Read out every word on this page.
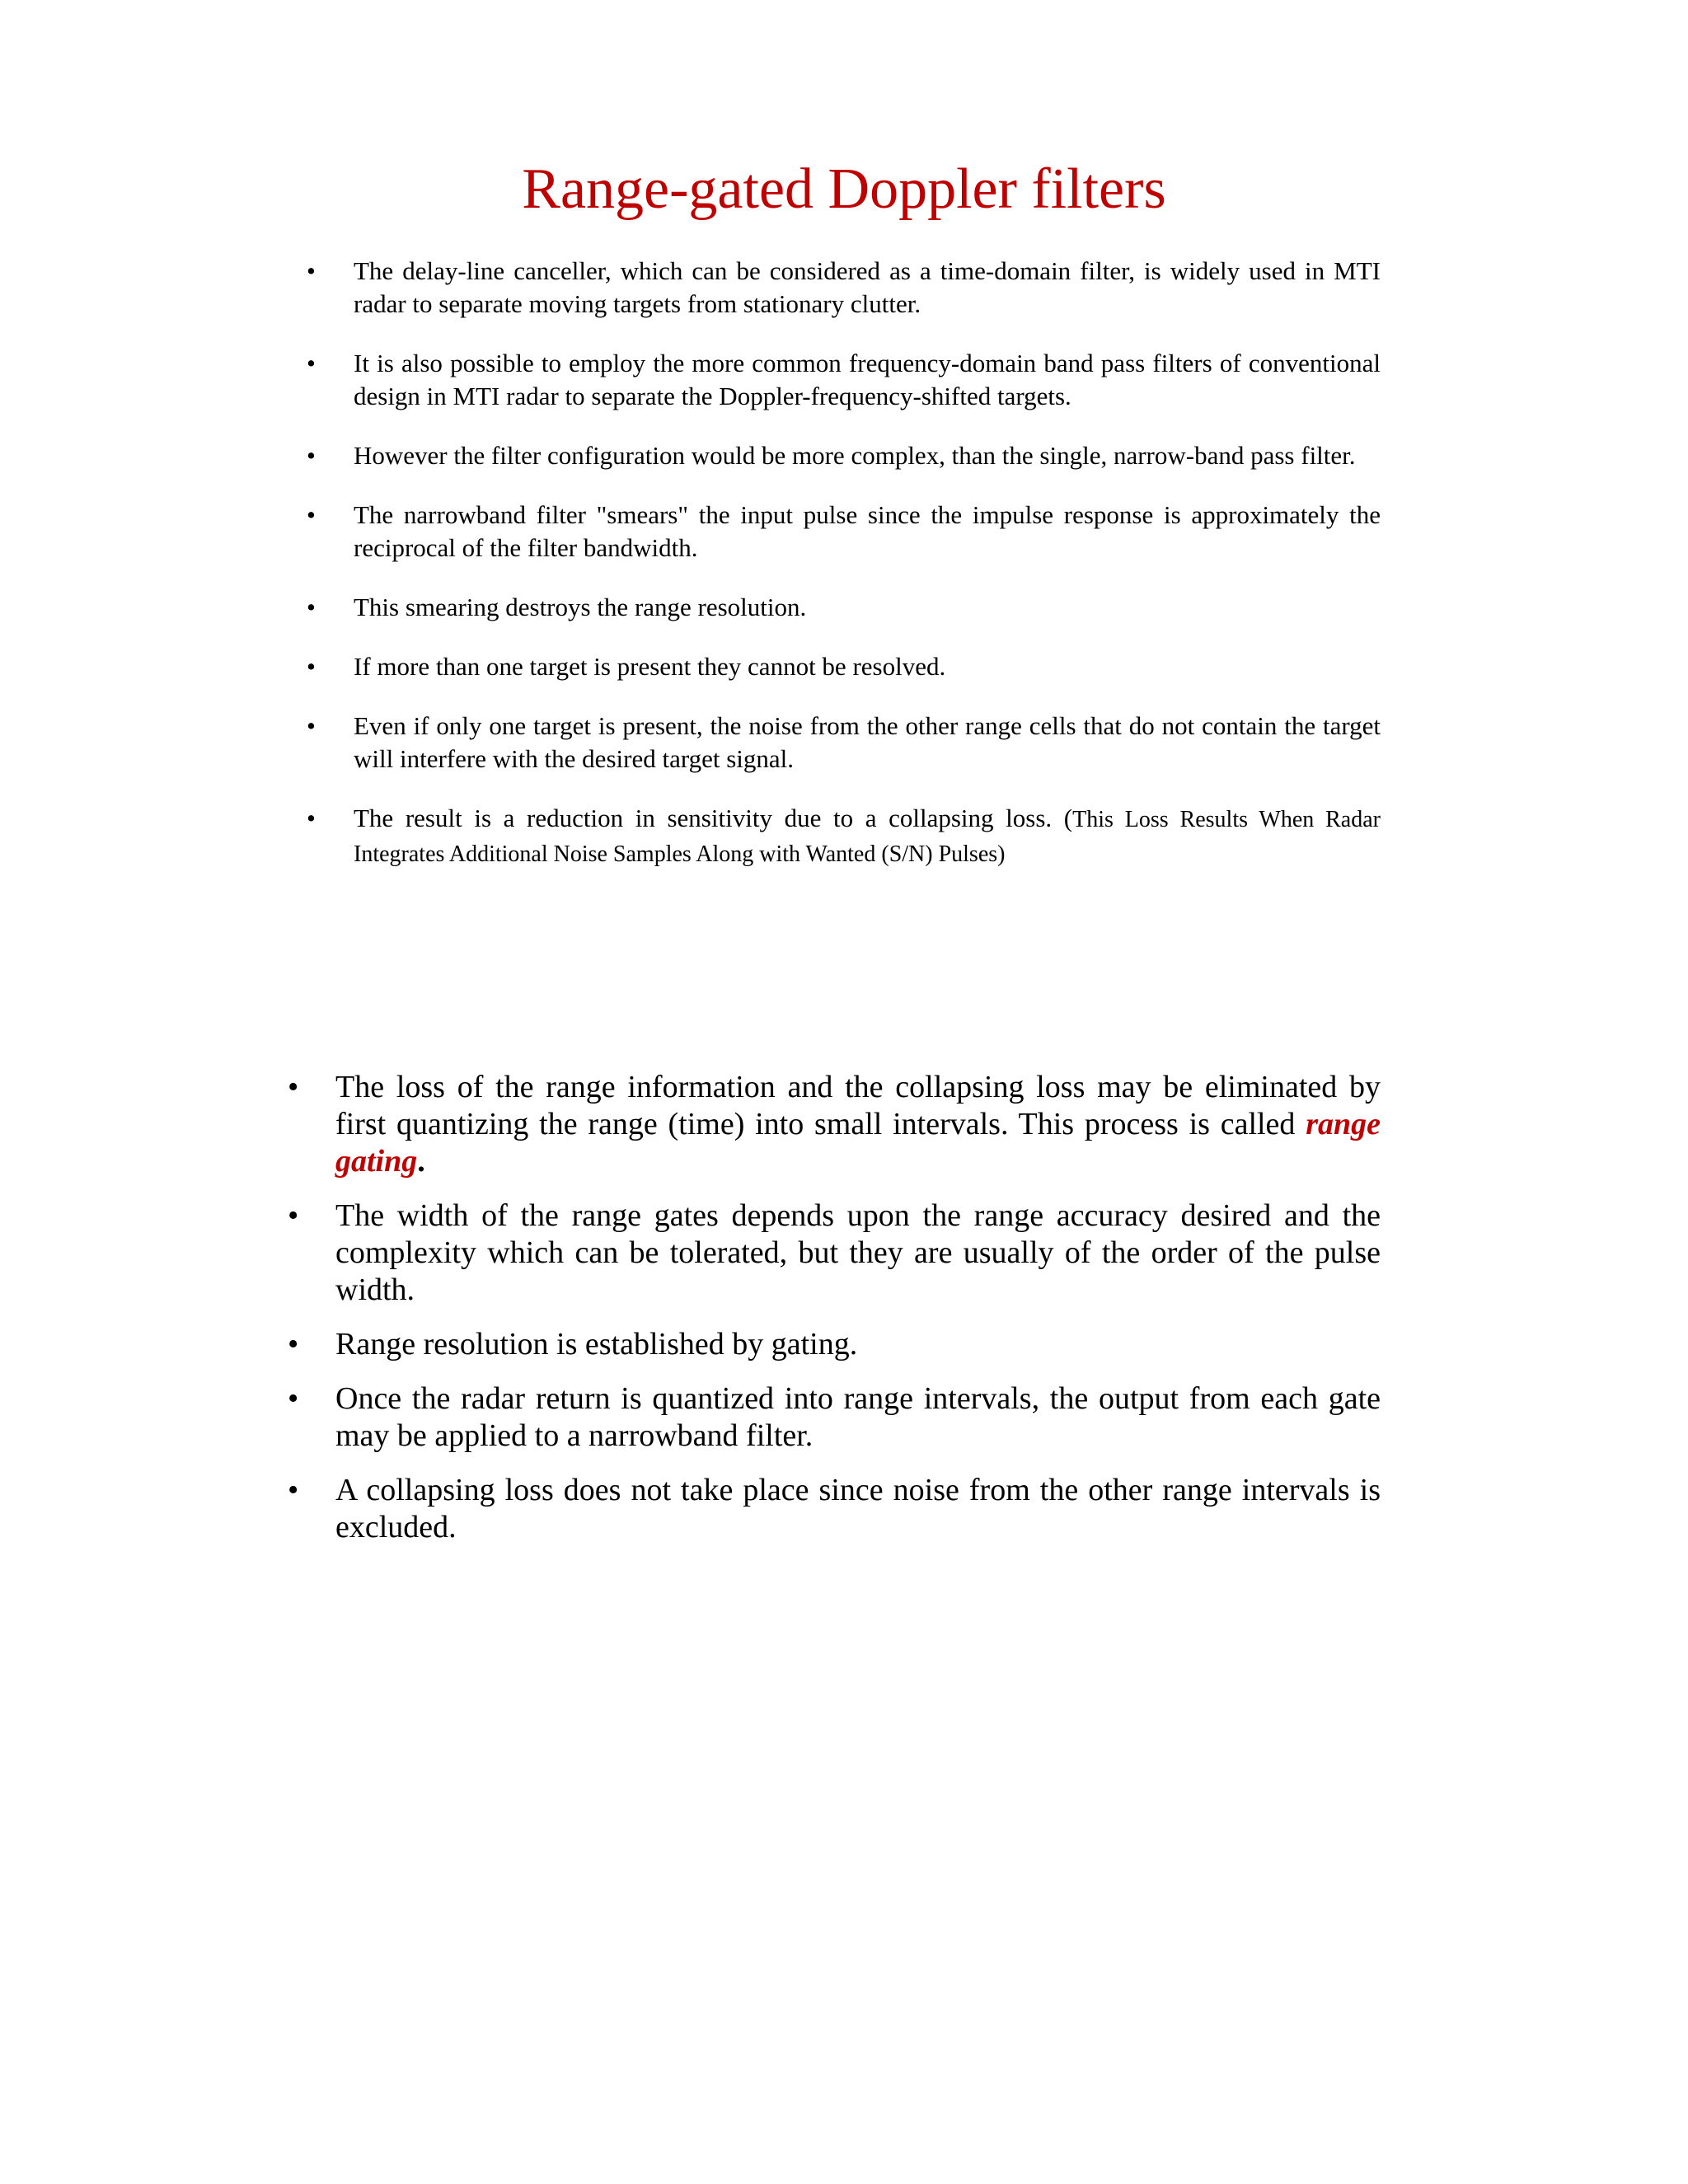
Range-gated Doppler filters
•	The delay-line canceller, which can be considered as a time-domain filter, is widely used in MTI radar to separate moving targets from stationary clutter.
•	It is also possible to employ the more common frequency-domain band pass filters of conventional design in MTI radar to separate the Doppler-frequency-shifted targets.
•	However the filter configuration would be more complex, than the single, narrow-band pass filter.
•	The narrowband filter "smears" the input pulse since the impulse response is approximately the reciprocal of the filter bandwidth.
•	This smearing destroys the range resolution.
•	If more than one target is present they cannot be resolved.
•	Even if only one target is present, the noise from the other range cells that do not contain the target will interfere with the desired target signal.
•	The result is a reduction in sensitivity due to a collapsing loss. (This Loss Results When Radar Integrates Additional Noise Samples Along with Wanted (S/N) Pulses)
•	The loss of the range information and the collapsing loss may be eliminated by first quantizing the range (time) into small intervals. This process is called range gating.
•	The width of the range gates depends upon the range accuracy desired and the complexity which can be tolerated, but they are usually of the order of the pulse width.
•	Range resolution is established by gating.
•	Once the radar return is quantized into range intervals, the output from each gate may be applied to a narrowband filter.
•	A collapsing loss does not take place since noise from the other range intervals is excluded.
